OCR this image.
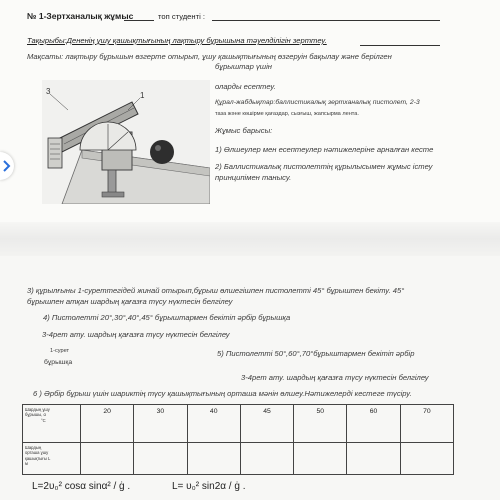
№ 1-Зертханалық жұмыс	топ студенті :
Тақырыбы:Дененің ұшу қашықтығының лақтыру бұрышына тәуелділігін зерттеу.
Мақсаты: лақтыру бұрышын өзгерте отырып, ұшу қашықтығының өзгеруін бақылау және берілген
бұрыштар үшін
оларды есептеу.
Құрал-жабдықтар:баллистикалық зертханалық пистолет, 2-3
таза және көшірме қағаздар, сызғыш, жапсырма лента.
Жұмыс барысы:
1) Өлшеулер мен есептеулер нәтижелеріне арналған кесте
2) Баллистикалық пистолеттің құрылысымен жұмыс істеу
принципімен танысу.
3	1
3) құрылғыны 1-суреттегідей жинай отырып,бұрыш өлшегішпен пистолетті 45° бұрышпен бекіту. 45°
бұрышпен атқан шардың қағазға түсу нүктесін белгілеу
4) Пистолетті 20°,30°,40°,45° бұрыштармен бекітіп әрбір бұрышқа
3-4рет ату. шардың қағазға түсу нүктесін белгілеу
1-сурет
бұрышқа
5) Пистолетті 50°,60°,70°бұрыштармен бекітіп әрбір
3-4рет ату. шардың қағазға түсу нүктесін белгілеу
6 ) Әрбір бұрыш үшін шариктің түсу қашықтығының орташа мәнін өлшеу.Нәтижелерді кестеге түсіру.
Шардың ұшу
бұрышы, α
°С	20	30	40	45	50	60	70

Шардың
орташа ұшу
қашықтығы L
м							

L=2υ₀² cosα sinα² / ġ .	L= υ₀² sin2α / ġ .
